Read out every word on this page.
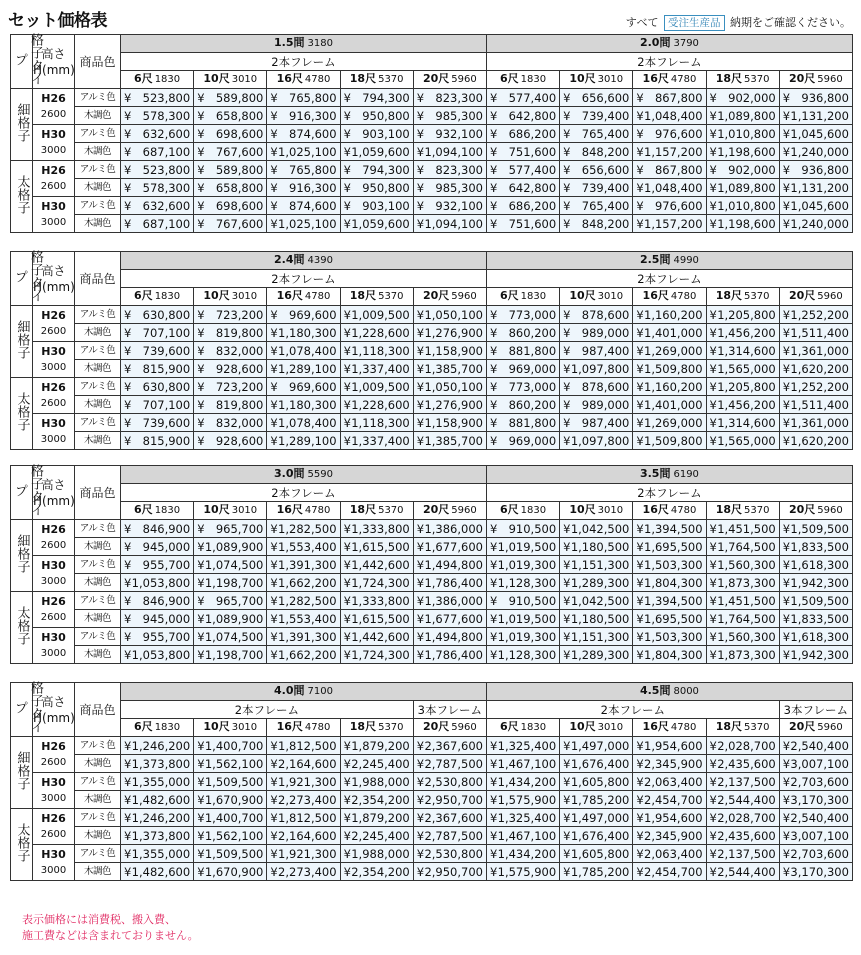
セット価格表	すべて 受注生産品 納期をご確認ください。
格子タイプ	高さ
H(mm)	商品色	1.5間 3180					2.0間 3790				
			2本フレーム					2本フレーム				
			6尺 1830	10尺 3010	16尺 4780	18尺 5370	20尺 5960	6尺 1830	10尺 3010	16尺 4780	18尺 5370	20尺 5960
細格子	H26
2600	アルミ色	¥ 523,800	¥ 589,800	¥ 765,800	¥ 794,300	¥ 823,300	¥ 577,400	¥ 656,600	¥ 867,800	¥ 902,000	¥ 936,800

		木調色	¥ 578,300	¥ 658,800	¥ 916,300	¥ 950,800	¥ 985,300	¥ 642,800	¥ 739,400	¥ 1,048,400	¥ 1,089,800	¥ 1,131,200

	H30
3000	アルミ色	¥ 632,600	¥ 698,600	¥ 874,600	¥ 903,100	¥ 932,100	¥ 686,200	¥ 765,400	¥ 976,600	¥ 1,010,800	¥ 1,045,600

		木調色	¥ 687,100	¥ 767,600	¥ 1,025,100	¥ 1,059,600	¥ 1,094,100	¥ 751,600	¥ 848,200	¥ 1,157,200	¥ 1,198,600	¥ 1,240,000

太格子	H26
2600	アルミ色	¥ 523,800	¥ 589,800	¥ 765,800	¥ 794,300	¥ 823,300	¥ 577,400	¥ 656,600	¥ 867,800	¥ 902,000	¥ 936,800

		木調色	¥ 578,300	¥ 658,800	¥ 916,300	¥ 950,800	¥ 985,300	¥ 642,800	¥ 739,400	¥ 1,048,400	¥ 1,089,800	¥ 1,131,200

	H30
3000	アルミ色	¥ 632,600	¥ 698,600	¥ 874,600	¥ 903,100	¥ 932,100	¥ 686,200	¥ 765,400	¥ 976,600	¥ 1,010,800	¥ 1,045,600

		木調色	¥ 687,100	¥ 767,600	¥ 1,025,100	¥ 1,059,600	¥ 1,094,100	¥ 751,600	¥ 848,200	¥ 1,157,200	¥ 1,198,600	¥ 1,240,000
格子タイプ	高さ
H(mm)	商品色	2.4間 4390					2.5間 4990				
			2本フレーム					2本フレーム				
			6尺 1830	10尺 3010	16尺 4780	18尺 5370	20尺 5960	6尺 1830	10尺 3010	16尺 4780	18尺 5370	20尺 5960
細格子	H26
2600	アルミ色	¥ 630,800	¥ 723,200	¥ 969,600	¥ 1,009,500	¥ 1,050,100	¥ 773,000	¥ 878,600	¥ 1,160,200	¥ 1,205,800	¥ 1,252,200

		木調色	¥ 707,100	¥ 819,800	¥ 1,180,300	¥ 1,228,600	¥ 1,276,900	¥ 860,200	¥ 989,000	¥ 1,401,000	¥ 1,456,200	¥ 1,511,400

	H30
3000	アルミ色	¥ 739,600	¥ 832,000	¥ 1,078,400	¥ 1,118,300	¥ 1,158,900	¥ 881,800	¥ 987,400	¥ 1,269,000	¥ 1,314,600	¥ 1,361,000

		木調色	¥ 815,900	¥ 928,600	¥ 1,289,100	¥ 1,337,400	¥ 1,385,700	¥ 969,000	¥ 1,097,800	¥ 1,509,800	¥ 1,565,000	¥ 1,620,200

太格子	H26
2600	アルミ色	¥ 630,800	¥ 723,200	¥ 969,600	¥ 1,009,500	¥ 1,050,100	¥ 773,000	¥ 878,600	¥ 1,160,200	¥ 1,205,800	¥ 1,252,200

		木調色	¥ 707,100	¥ 819,800	¥ 1,180,300	¥ 1,228,600	¥ 1,276,900	¥ 860,200	¥ 989,000	¥ 1,401,000	¥ 1,456,200	¥ 1,511,400

	H30
3000	アルミ色	¥ 739,600	¥ 832,000	¥ 1,078,400	¥ 1,118,300	¥ 1,158,900	¥ 881,800	¥ 987,400	¥ 1,269,000	¥ 1,314,600	¥ 1,361,000

		木調色	¥ 815,900	¥ 928,600	¥ 1,289,100	¥ 1,337,400	¥ 1,385,700	¥ 969,000	¥ 1,097,800	¥ 1,509,800	¥ 1,565,000	¥ 1,620,200
格子タイプ	高さ
H(mm)	商品色	3.0間 5590					3.5間 6190				
			2本フレーム					2本フレーム				
			6尺 1830	10尺 3010	16尺 4780	18尺 5370	20尺 5960	6尺 1830	10尺 3010	16尺 4780	18尺 5370	20尺 5960
細格子	H26
2600	アルミ色	¥ 846,900	¥ 965,700	¥ 1,282,500	¥ 1,333,800	¥ 1,386,000	¥ 910,500	¥ 1,042,500	¥ 1,394,500	¥ 1,451,500	¥ 1,509,500

		木調色	¥ 945,000	¥ 1,089,900	¥ 1,553,400	¥ 1,615,500	¥ 1,677,600	¥ 1,019,500	¥ 1,180,500	¥ 1,695,500	¥ 1,764,500	¥ 1,833,500

	H30
3000	アルミ色	¥ 955,700	¥ 1,074,500	¥ 1,391,300	¥ 1,442,600	¥ 1,494,800	¥ 1,019,300	¥ 1,151,300	¥ 1,503,300	¥ 1,560,300	¥ 1,618,300

		木調色	¥ 1,053,800	¥ 1,198,700	¥ 1,662,200	¥ 1,724,300	¥ 1,786,400	¥ 1,128,300	¥ 1,289,300	¥ 1,804,300	¥ 1,873,300	¥ 1,942,300

太格子	H26
2600	アルミ色	¥ 846,900	¥ 965,700	¥ 1,282,500	¥ 1,333,800	¥ 1,386,000	¥ 910,500	¥ 1,042,500	¥ 1,394,500	¥ 1,451,500	¥ 1,509,500

		木調色	¥ 945,000	¥ 1,089,900	¥ 1,553,400	¥ 1,615,500	¥ 1,677,600	¥ 1,019,500	¥ 1,180,500	¥ 1,695,500	¥ 1,764,500	¥ 1,833,500

	H30
3000	アルミ色	¥ 955,700	¥ 1,074,500	¥ 1,391,300	¥ 1,442,600	¥ 1,494,800	¥ 1,019,300	¥ 1,151,300	¥ 1,503,300	¥ 1,560,300	¥ 1,618,300

		木調色	¥ 1,053,800	¥ 1,198,700	¥ 1,662,200	¥ 1,724,300	¥ 1,786,400	¥ 1,128,300	¥ 1,289,300	¥ 1,804,300	¥ 1,873,300	¥ 1,942,300
格子タイプ	高さ
H(mm)	商品色	4.0間 7100					4.5間 8000				
			2本フレーム				3本フレーム	2本フレーム				3本フレーム
			6尺 1830	10尺 3010	16尺 4780	18尺 5370	20尺 5960	6尺 1830	10尺 3010	16尺 4780	18尺 5370	20尺 5960
細格子	H26
2600	アルミ色	¥ 1,246,200	¥ 1,400,700	¥ 1,812,500	¥ 1,879,200	¥ 2,367,600	¥ 1,325,400	¥ 1,497,000	¥ 1,954,600	¥ 2,028,700	¥ 2,540,400

		木調色	¥ 1,373,800	¥ 1,562,100	¥ 2,164,600	¥ 2,245,400	¥ 2,787,500	¥ 1,467,100	¥ 1,676,400	¥ 2,345,900	¥ 2,435,600	¥ 3,007,100

	H30
3000	アルミ色	¥ 1,355,000	¥ 1,509,500	¥ 1,921,300	¥ 1,988,000	¥ 2,530,800	¥ 1,434,200	¥ 1,605,800	¥ 2,063,400	¥ 2,137,500	¥ 2,703,600

		木調色	¥ 1,482,600	¥ 1,670,900	¥ 2,273,400	¥ 2,354,200	¥ 2,950,700	¥ 1,575,900	¥ 1,785,200	¥ 2,454,700	¥ 2,544,400	¥ 3,170,300

太格子	H26
2600	アルミ色	¥ 1,246,200	¥ 1,400,700	¥ 1,812,500	¥ 1,879,200	¥ 2,367,600	¥ 1,325,400	¥ 1,497,000	¥ 1,954,600	¥ 2,028,700	¥ 2,540,400

		木調色	¥ 1,373,800	¥ 1,562,100	¥ 2,164,600	¥ 2,245,400	¥ 2,787,500	¥ 1,467,100	¥ 1,676,400	¥ 2,345,900	¥ 2,435,600	¥ 3,007,100

	H30
3000	アルミ色	¥ 1,355,000	¥ 1,509,500	¥ 1,921,300	¥ 1,988,000	¥ 2,530,800	¥ 1,434,200	¥ 1,605,800	¥ 2,063,400	¥ 2,137,500	¥ 2,703,600

		木調色	¥ 1,482,600	¥ 1,670,900	¥ 2,273,400	¥ 2,354,200	¥ 2,950,700	¥ 1,575,900	¥ 1,785,200	¥ 2,454,700	¥ 2,544,400	¥ 3,170,300
表示価格には消費税、搬入費、
施工費などは含まれておりません。
